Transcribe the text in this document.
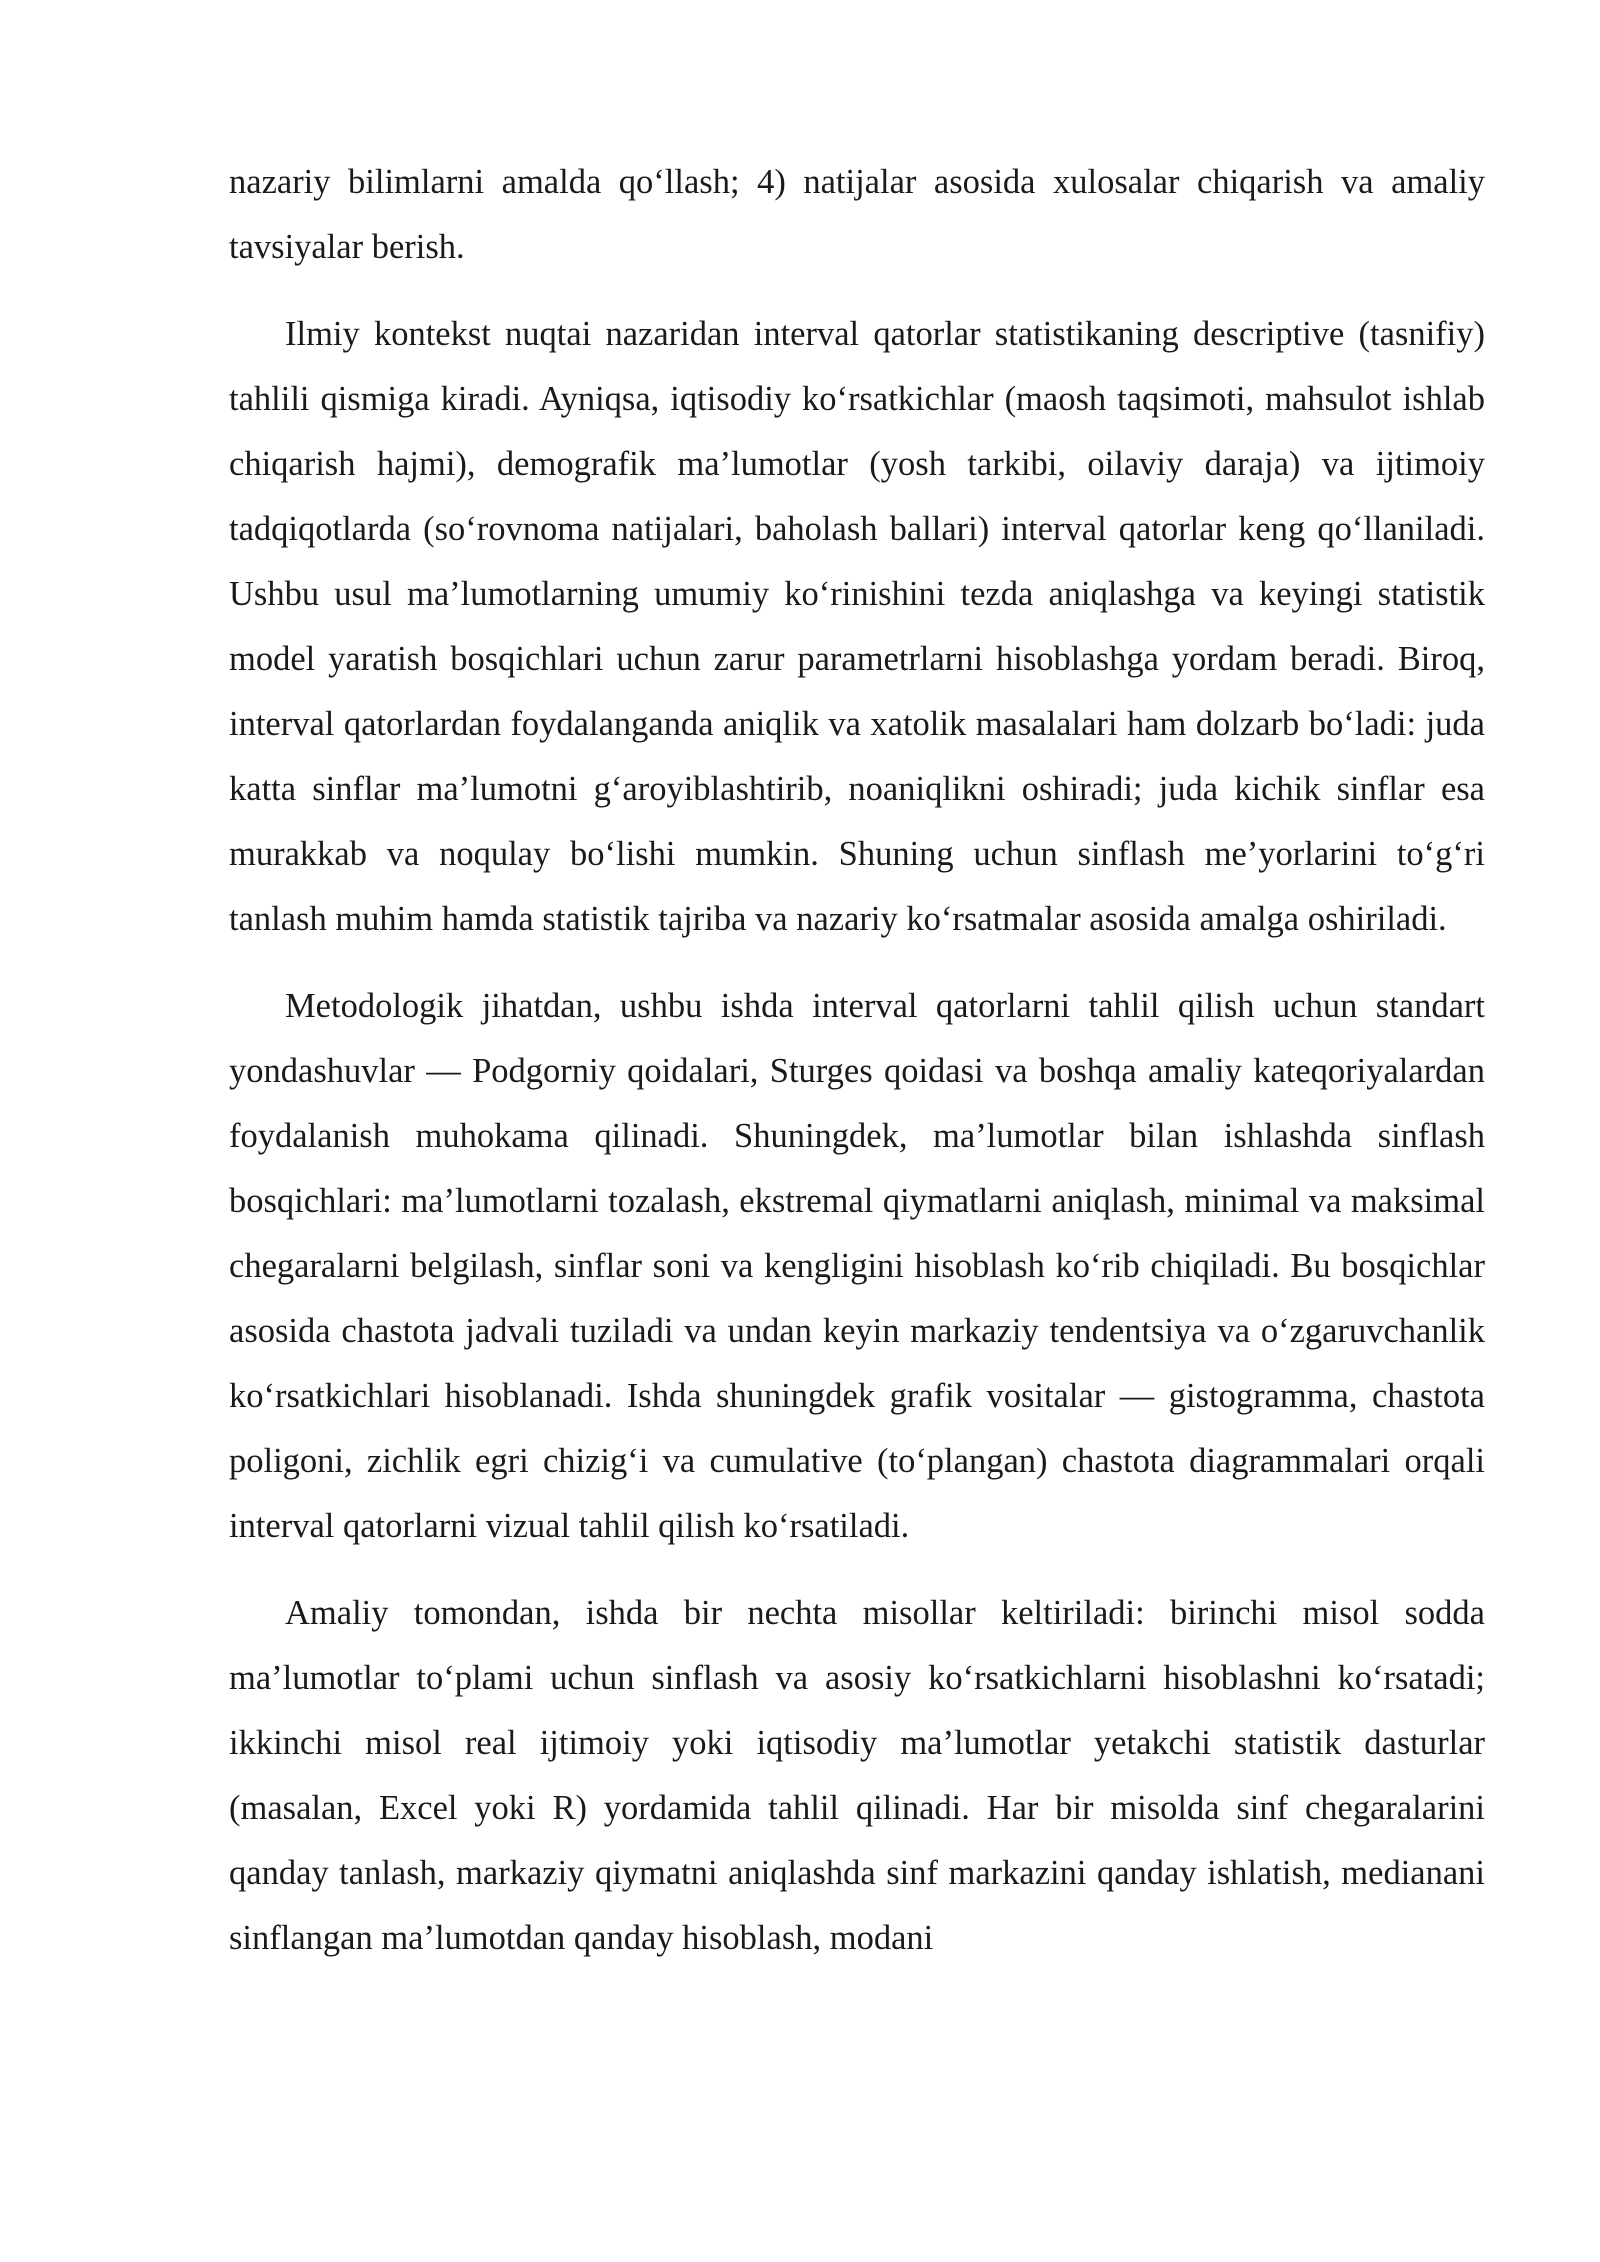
nazariy bilimlarni amalda qo‘llash; 4) natijalar asosida xulosalar chiqarish va amaliy tavsiyalar berish.

Ilmiy kontekst nuqtai nazaridan interval qatorlar statistikaning descriptive (tasnifiy) tahlili qismiga kiradi. Ayniqsa, iqtisodiy ko‘rsatkichlar (maosh taqsimoti, mahsulot ishlab chiqarish hajmi), demografik ma’lumotlar (yosh tarkibi, oilaviy daraja) va ijtimoiy tadqiqotlarda (so‘rovnoma natijalari, baholash ballari) interval qatorlar keng qo‘llaniladi. Ushbu usul ma’lumotlarning umumiy ko‘rinishini tezda aniqlashga va keyingi statistik model yaratish bosqichlari uchun zarur parametrlarni hisoblashga yordam beradi. Biroq, interval qatorlardan foydalanganda aniqlik va xatolik masalalari ham dolzarb bo‘ladi: juda katta sinflar ma’lumotni g‘aroyiblashtirib, noaniqlikni oshiradi; juda kichik sinflar esa murakkab va noqulay bo‘lishi mumkin. Shuning uchun sinflash me’yorlarini to‘g‘ri tanlash muhim hamda statistik tajriba va nazariy ko‘rsatmalar asosida amalga oshiriladi.

Metodologik jihatdan, ushbu ishda interval qatorlarni tahlil qilish uchun standart yondashuvlar — Podgorniy qoidalari, Sturges qoidasi va boshqa amaliy kateqoriyalardan foydalanish muhokama qilinadi. Shuningdek, ma’lumotlar bilan ishlashda sinflash bosqichlari: ma’lumotlarni tozalash, ekstremal qiymatlarni aniqlash, minimal va maksimal chegaralarni belgilash, sinflar soni va kengligini hisoblash ko‘rib chiqiladi. Bu bosqichlar asosida chastota jadvali tuziladi va undan keyin markaziy tendentsiya va o‘zgaruvchanlik ko‘rsatkichlari hisoblanadi. Ishda shuningdek grafik vositalar — gistogramma, chastota poligoni, zichlik egri chizig‘i va cumulative (to‘plangan) chastota diagrammalari orqali interval qatorlarni vizual tahlil qilish ko‘rsatiladi.

Amaliy tomondan, ishda bir nechta misollar keltiriladi: birinchi misol sodda ma’lumotlar to‘plami uchun sinflash va asosiy ko‘rsatkichlarni hisoblashni ko‘rsatadi; ikkinchi misol real ijtimoiy yoki iqtisodiy ma’lumotlar yetakchi statistik dasturlar (masalan, Excel yoki R) yordamida tahlil qilinadi. Har bir misolda sinf chegaralarini qanday tanlash, markaziy qiymatni aniqlashda sinf markazini qanday ishlatish, medianani sinflangan ma’lumotdan qanday hisoblash, modani
